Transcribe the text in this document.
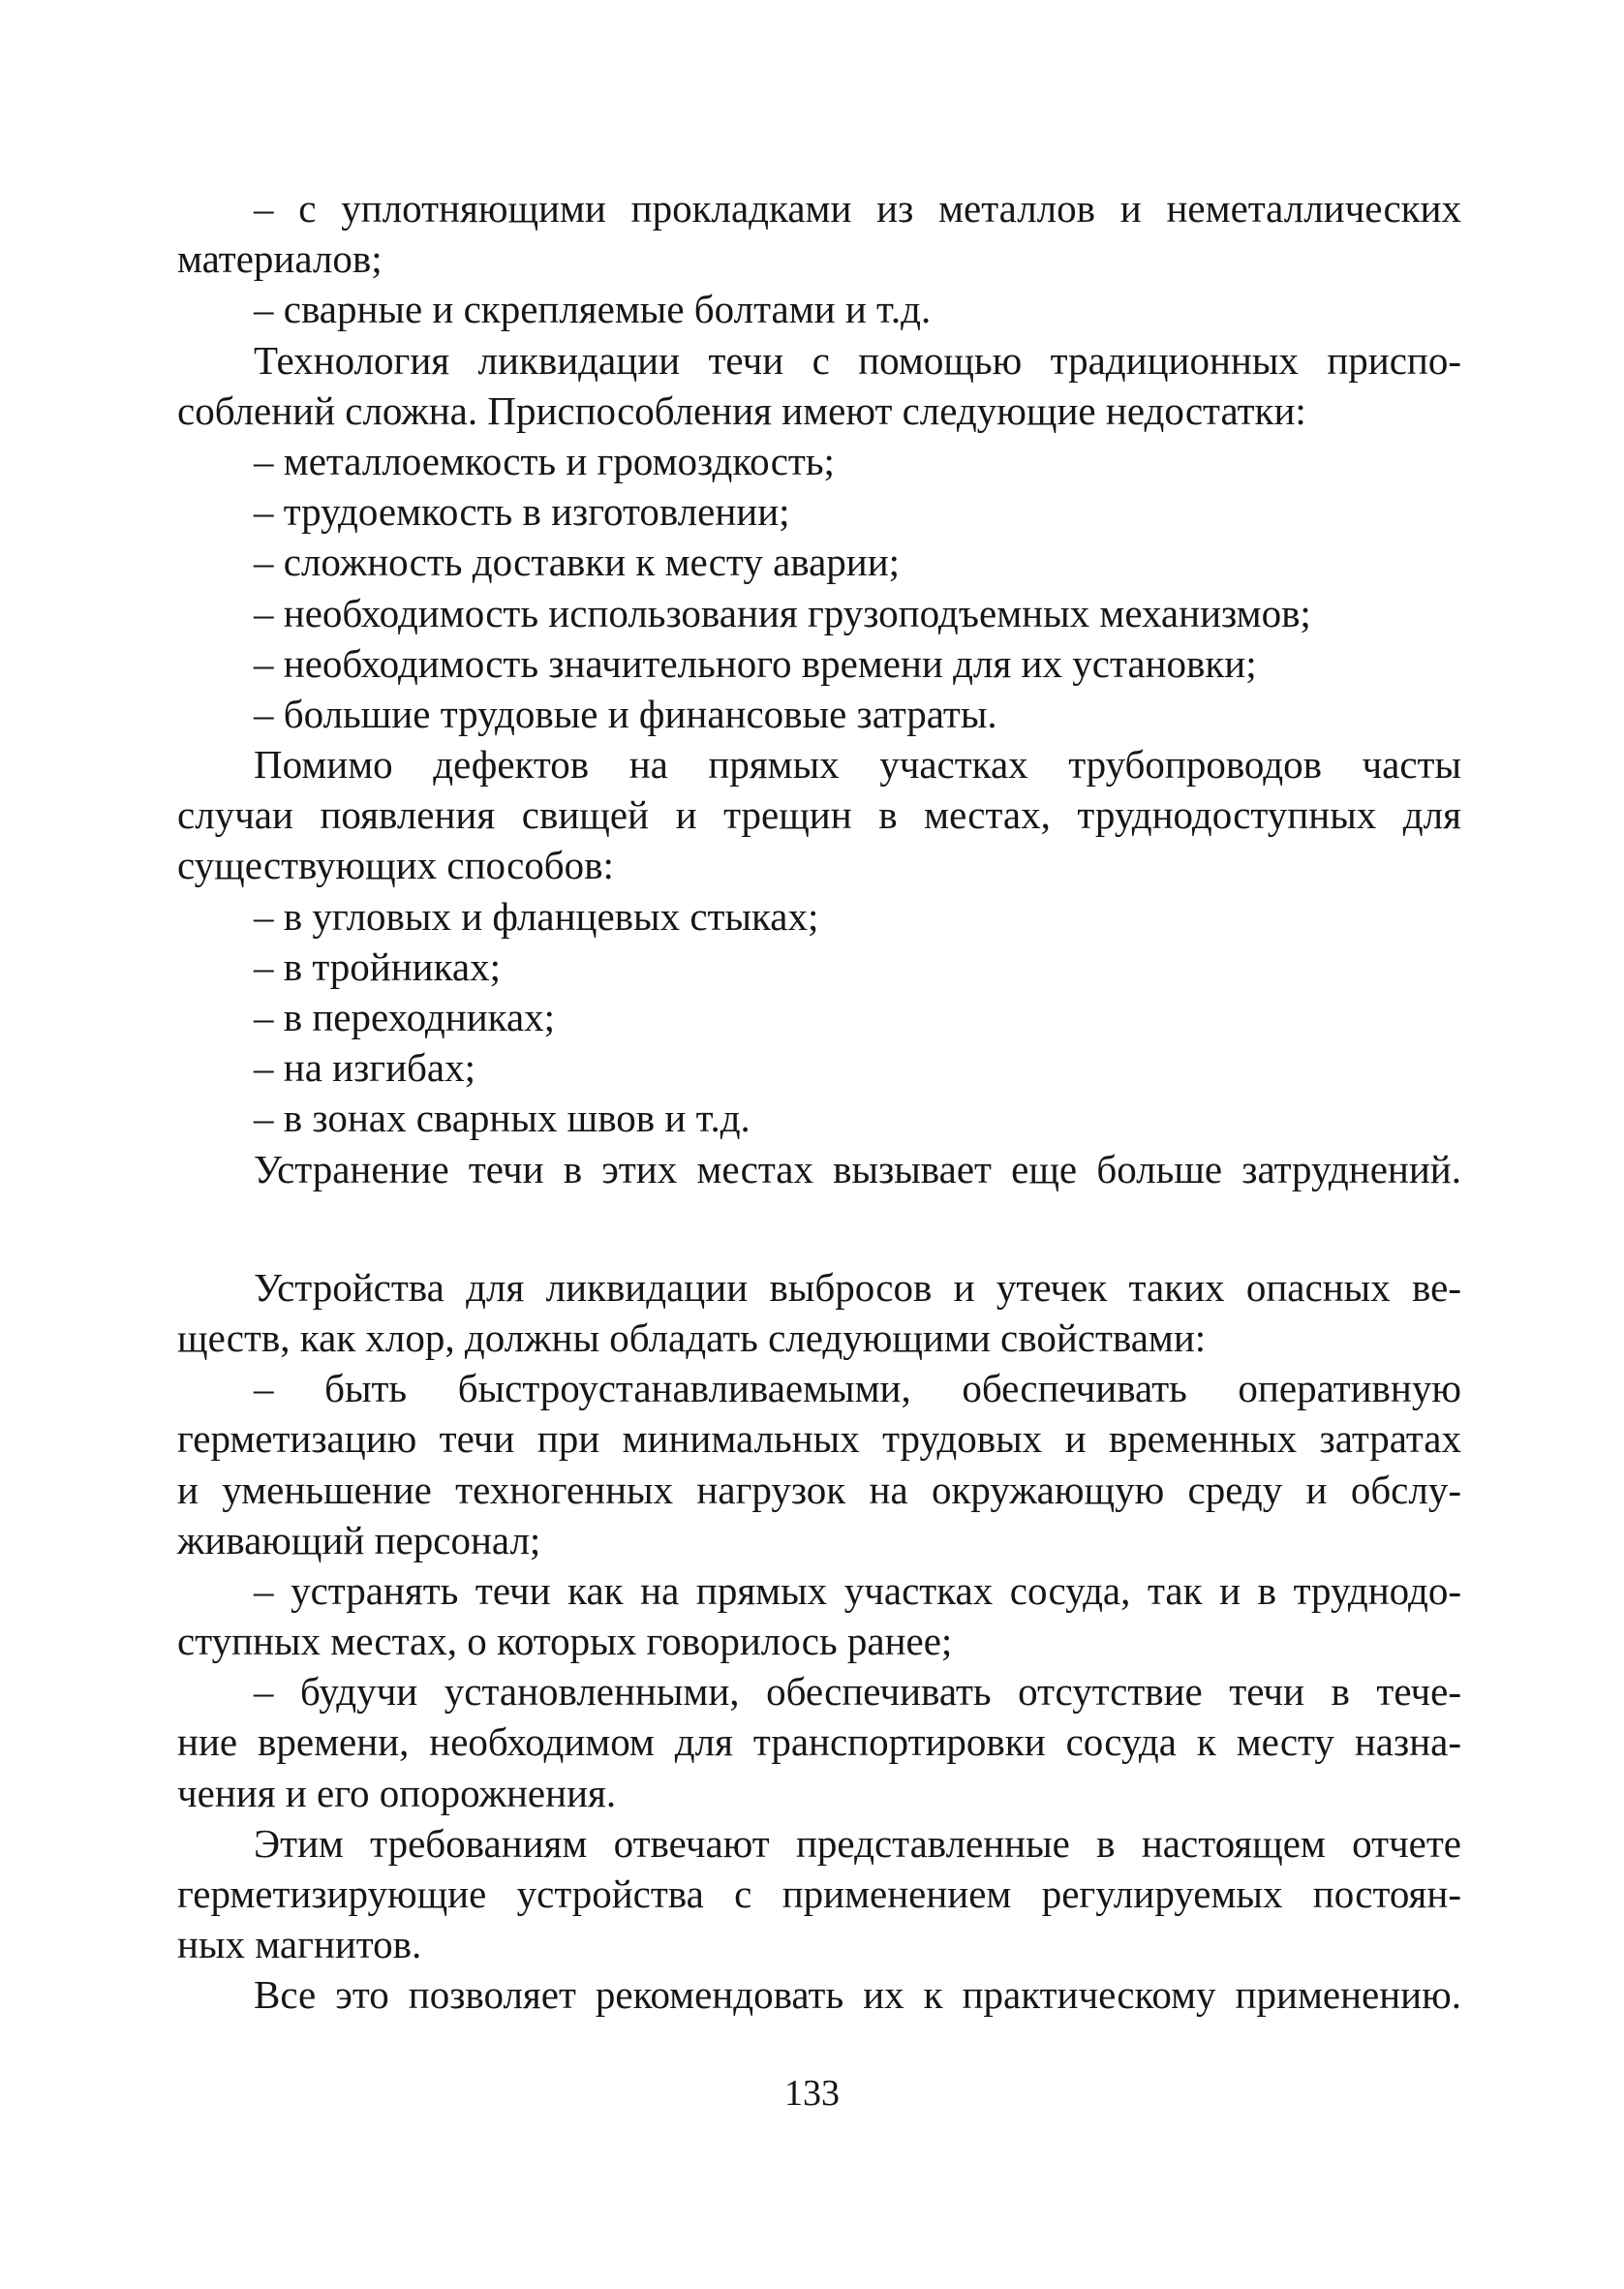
– с уплотняющими прокладками из металлов и неметаллических
материалов;
– сварные и скрепляемые болтами и т.д.
Технология ликвидации течи с помощью традиционных приспо-
соблений сложна. Приспособления имеют следующие недостатки:
– металлоемкость и громоздкость;
– трудоемкость в изготовлении;
– сложность доставки к месту аварии;
– необходимость использования грузоподъемных механизмов;
– необходимость значительного времени для их установки;
– большие трудовые и финансовые затраты.
Помимо дефектов на прямых участках трубопроводов часты
случаи появления свищей и трещин в местах, труднодоступных для
существующих способов:
– в угловых и фланцевых стыках;
– в тройниках;
– в переходниках;
– на изгибах;
– в зонах сварных швов и т.д.
Устранение течи в этих местах вызывает еще больше затруднений.
Устройства для ликвидации выбросов и утечек таких опасных ве-
ществ, как хлор, должны обладать следующими свойствами:
– быть быстроустанавливаемыми, обеспечивать оперативную
герметизацию течи при минимальных трудовых и временных затратах
и уменьшение техногенных нагрузок на окружающую среду и обслу-
живающий персонал;
– устранять течи как на прямых участках сосуда, так и в труднодо-
ступных местах, о которых говорилось ранее;
– будучи установленными, обеспечивать отсутствие течи в тече-
ние времени, необходимом для транспортировки сосуда к месту назна-
чения и его опорожнения.
Этим требованиям отвечают представленные в настоящем отчете
герметизирующие устройства с применением регулируемых постоян-
ных магнитов.
Все это позволяет рекомендовать их к практическому применению.
133
